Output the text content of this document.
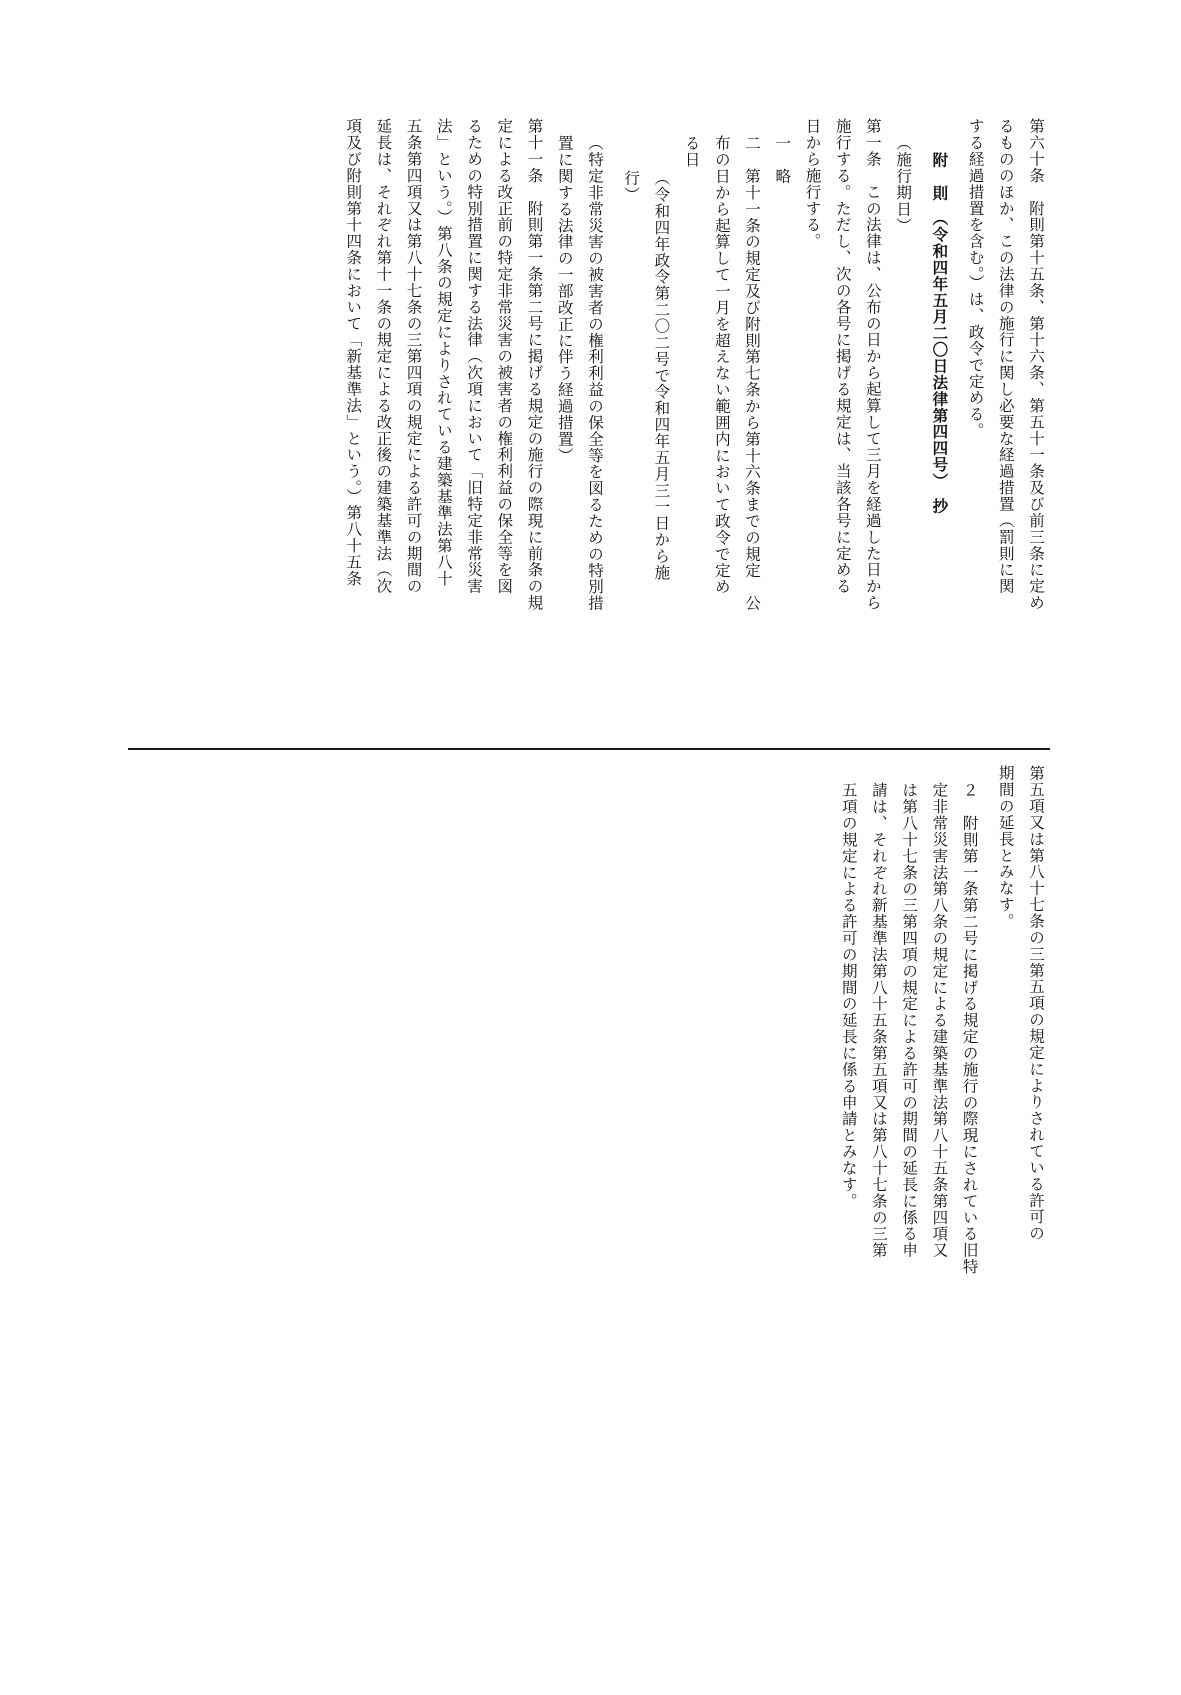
第六十条　附則第十五条、第十六条、第五十一条及び前三条に定め
るもののほか、この法律の施行に関し必要な経過措置（罰則に関
する経過措置を含む。）は、政令で定める。
附　則　（令和四年五月二〇日法律第四四号）　抄
（施行期日）
第一条　この法律は、公布の日から起算して三月を経過した日から
施行する。ただし、次の各号に掲げる規定は、当該各号に定める
日から施行する。
一　略
二　第十一条の規定及び附則第七条から第十六条までの規定　公
布の日から起算して一月を超えない範囲内において政令で定め
る日
（令和四年政令第二〇二号で令和四年五月三一日から施
行）
（特定非常災害の被害者の権利利益の保全等を図るための特別措
置に関する法律の一部改正に伴う経過措置）
第十一条　附則第一条第二号に掲げる規定の施行の際現に前条の規
定による改正前の特定非常災害の被害者の権利利益の保全等を図
るための特別措置に関する法律（次項において「旧特定非常災害
法」という。）第八条の規定によりされている建築基準法第八十
五条第四項又は第八十七条の三第四項の規定による許可の期間の
延長は、それぞれ第十一条の規定による改正後の建築基準法（次
項及び附則第十四条において「新基準法」という。）第八十五条
第五項又は第八十七条の三第五項の規定によりされている許可の
期間の延長とみなす。
２　附則第一条第二号に掲げる規定の施行の際現にされている旧特
定非常災害法第八条の規定による建築基準法第八十五条第四項又
は第八十七条の三第四項の規定による許可の期間の延長に係る申
請は、それぞれ新基準法第八十五条第五項又は第八十七条の三第
五項の規定による許可の期間の延長に係る申請とみなす。
